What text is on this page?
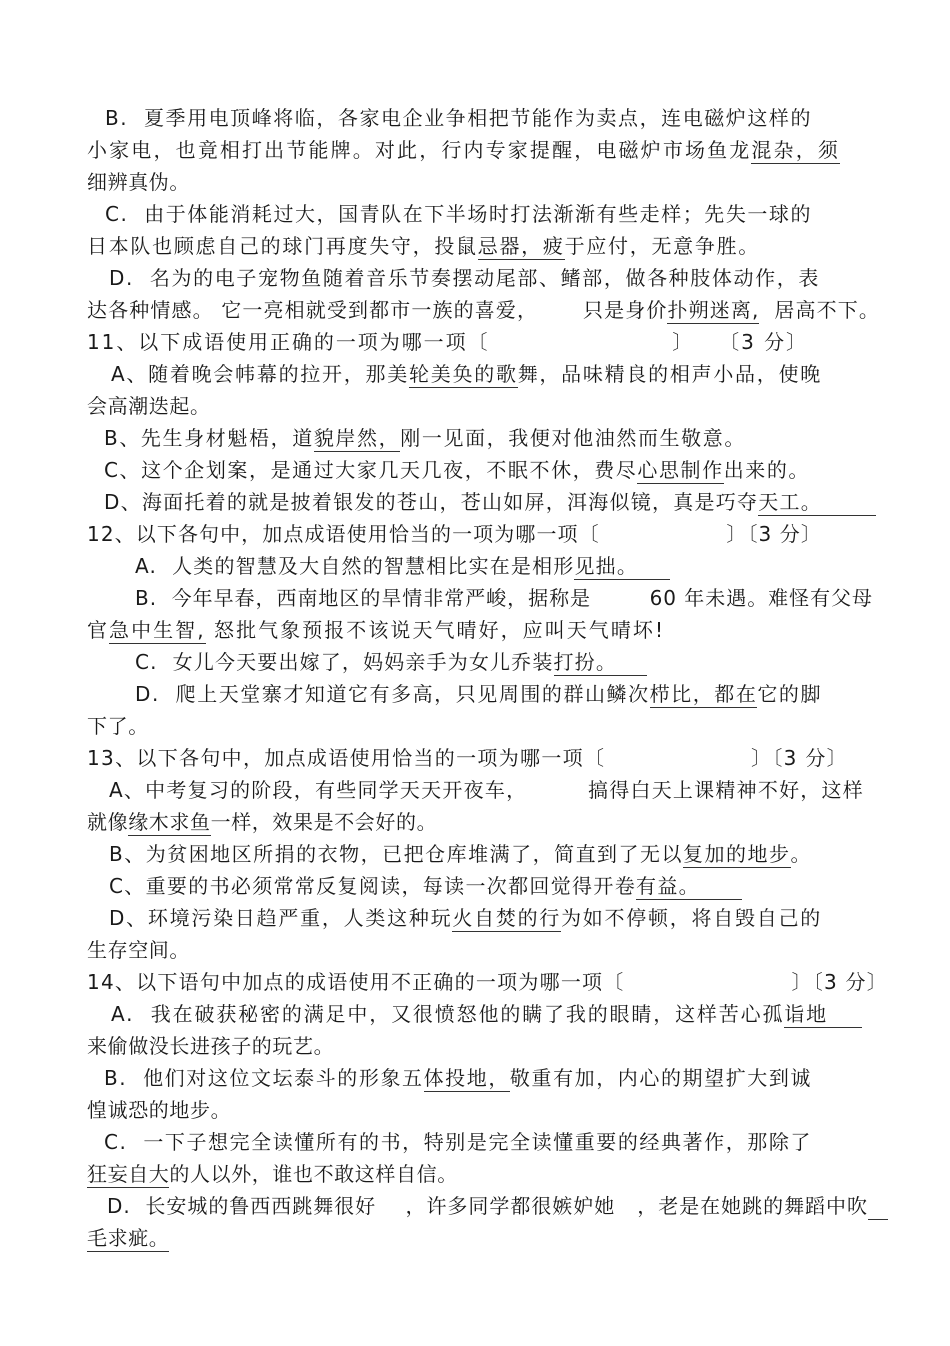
B.  夏季用电顶峰将临，各家电企业争相把节能作为卖点，连电磁炉这样的
小家电，也竟相打出节能牌。对此，行内专家提醒，电磁炉市场鱼龙混杂，须
细辨真伪。
C.  由于体能消耗过大，国青队在下半场时打法渐渐有些走样；先失一球的
日本队也顾虑自己的球门再度失守，投鼠忌器，疲于应付，无意争胜。
D.  名为的电子宠物鱼随着音乐节奏摆动尾部、鳍部，做各种肢体动作，表
达各种情感。 它一亮相就受到都市一族的喜爱，      只是身价扑朔迷离,  居高不下。
11、以下成语使用正确的一项为哪一项〔                      〕   〔3 分〕
A、随着晚会帏幕的拉开，那美轮美奂的歌舞，品味精良的相声小品，使晚
会高潮迭起。
B、先生身材魁梧，道貌岸然，刚一见面，我便对他油然而生敬意。
C、这个企划案，是通过大家几天几夜，不眠不休，费尽心思制作出来的。
D、海面托着的就是披着银发的苍山，苍山如屏，洱海似镜，真是巧夺天工。
12、以下各句中，加点成语使用恰当的一项为哪一项〔                 〕〔3 分〕
A.  人类的智慧及大自然的智慧相比实在是相形见拙。
B.  今年早春，西南地区的旱情非常严峻，据称是        60 年未遇。难怪有父母
官急中生智, 怒批气象预报不该说天气晴好，应叫天气晴坏!
C.  女儿今天要出嫁了，妈妈亲手为女儿乔装打扮。
D.  爬上天堂寨才知道它有多高，只见周围的群山鳞次栉比，都在它的脚
下了。
13、以下各句中，加点成语使用恰当的一项为哪一项〔                   〕〔3 分〕
A、中考复习的阶段，有些同学天天开夜车，        搞得白天上课精神不好，这样
就像缘木求鱼一样，效果是不会好的。
B、为贫困地区所捐的衣物，已把仓库堆满了，简直到了无以复加的地步。
C、重要的书必须常常反复阅读，每读一次都回觉得开卷有益。
D、环境污染日趋严重，人类这种玩火自焚的行为如不停顿，将自毁自己的
生存空间。
14、以下语句中加点的成语使用不正确的一项为哪一项〔                      〕〔3 分〕
A.  我在破获秘密的满足中，又很愤怒他的瞒了我的眼睛，这样苦心孤诣地
来偷做没长进孩子的玩艺。
B.  他们对这位文坛泰斗的形象五体投地，敬重有加，内心的期望扩大到诚
惶诚恐的地步。
C.  一下子想完全读懂所有的书，特别是完全读懂重要的经典著作，那除了
狂妄自大的人以外，谁也不敢这样自信。
D.  长安城的鲁西西跳舞很好    ，许多同学都很嫉妒她   ，老是在她跳的舞蹈中吹
毛求疵。
